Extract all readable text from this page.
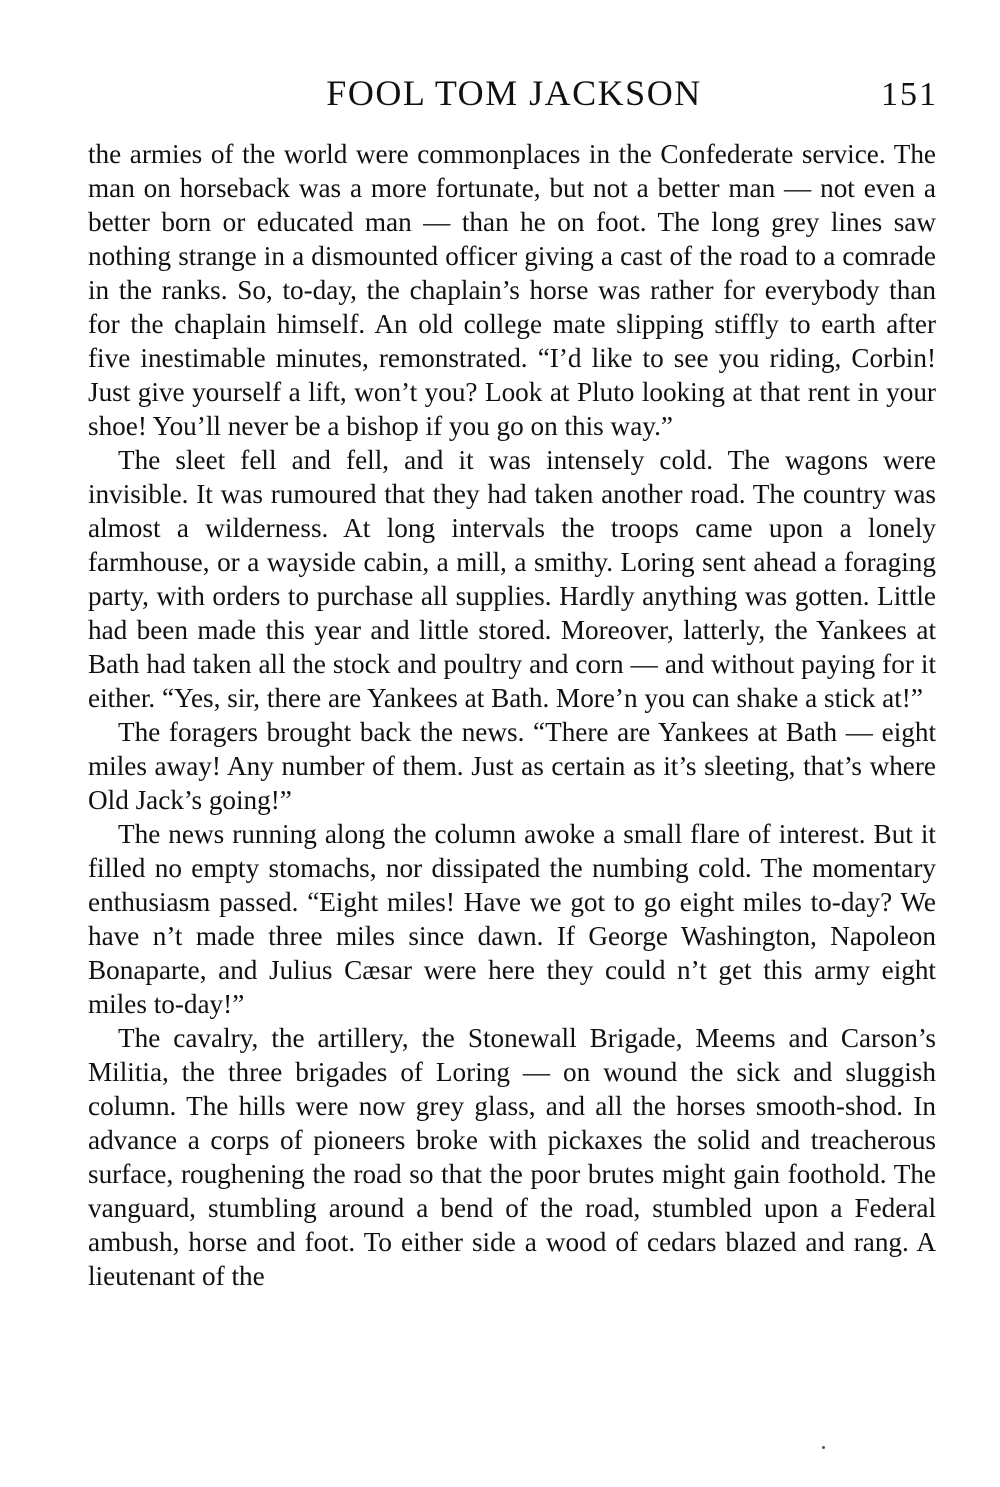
FOOL TOM JACKSON	151

the armies of the world were commonplaces in the Confederate service. The man on horseback was a more fortunate, but not a better man — not even a better born or educated man — than he on foot. The long grey lines saw nothing strange in a dismounted officer giving a cast of the road to a comrade in the ranks. So, to-day, the chaplain’s horse was rather for everybody than for the chaplain himself. An old college mate slipping stiffly to earth after five inestimable minutes, remonstrated. “I’d like to see you riding, Corbin! Just give yourself a lift, won’t you? Look at Pluto looking at that rent in your shoe! You’ll never be a bishop if you go on this way.”

The sleet fell and fell, and it was intensely cold. The wagons were invisible. It was rumoured that they had taken another road. The country was almost a wilderness. At long intervals the troops came upon a lonely farmhouse, or a wayside cabin, a mill, a smithy. Loring sent ahead a foraging party, with orders to purchase all supplies. Hardly anything was gotten. Little had been made this year and little stored. Moreover, latterly, the Yankees at Bath had taken all the stock and poultry and corn — and without paying for it either. “Yes, sir, there are Yankees at Bath. More’n you can shake a stick at!”

The foragers brought back the news. “There are Yankees at Bath — eight miles away! Any number of them. Just as certain as it’s sleeting, that’s where Old Jack’s going!”

The news running along the column awoke a small flare of interest. But it filled no empty stomachs, nor dissipated the numbing cold. The momentary enthusiasm passed. “Eight miles! Have we got to go eight miles to-day? We have n’t made three miles since dawn. If George Washington, Napoleon Bonaparte, and Julius Cæsar were here they could n’t get this army eight miles to-day!”

The cavalry, the artillery, the Stonewall Brigade, Meems and Carson’s Militia, the three brigades of Loring — on wound the sick and sluggish column. The hills were now grey glass, and all the horses smooth-shod. In advance a corps of pioneers broke with pickaxes the solid and treacherous surface, roughening the road so that the poor brutes might gain foothold. The vanguard, stumbling around a bend of the road, stumbled upon a Federal ambush, horse and foot. To either side a wood of cedars blazed and rang. A lieutenant of the
